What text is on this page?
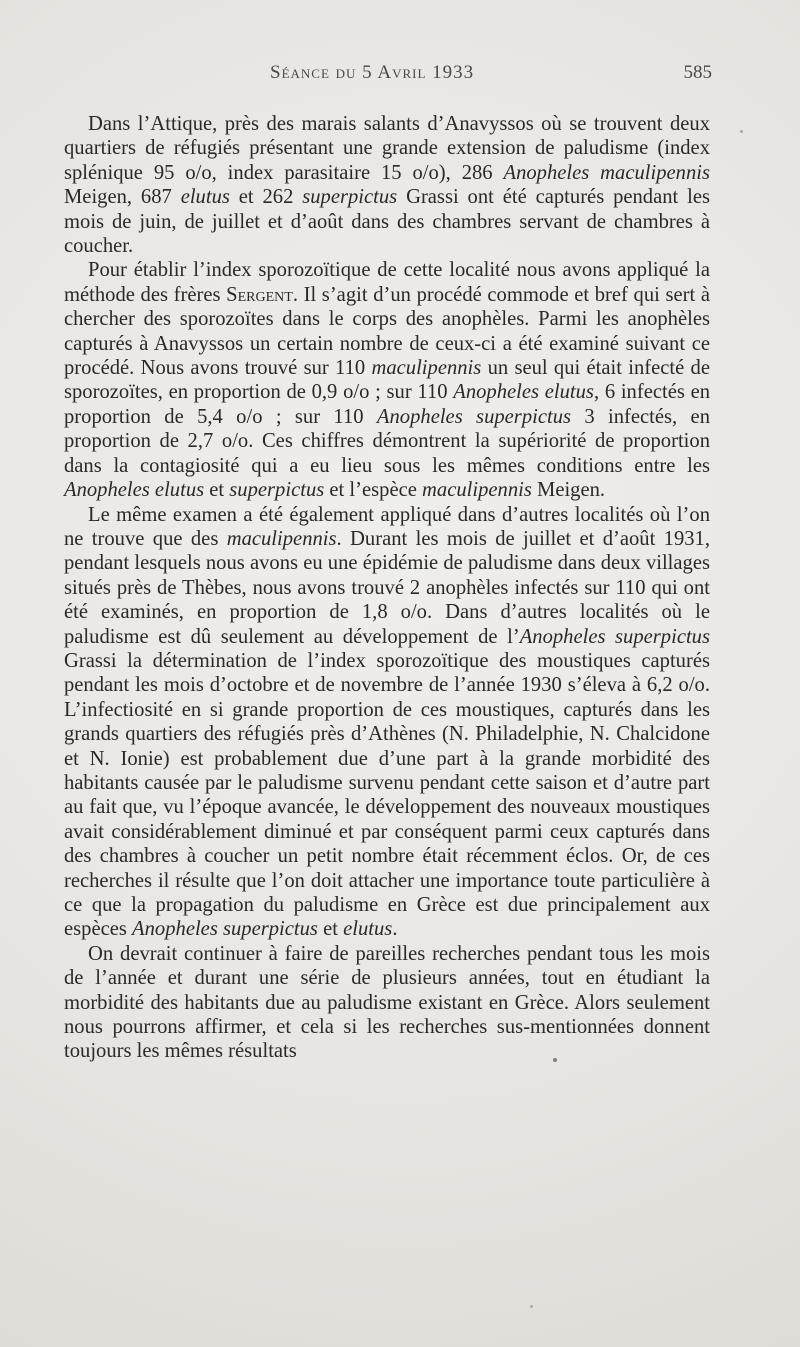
Séance du 5 Avril 1933	585

Dans l’Attique, près des marais salants d’Anavyssos où se trouvent deux quartiers de réfugiés présentant une grande extension de paludisme (index splénique 95 o/o, index parasitaire 15 o/o), 286 Anopheles maculipennis Meigen, 687 elutus et 262 superpictus Grassi ont été capturés pendant les mois de juin, de juillet et d’août dans des chambres servant de chambres à coucher.

Pour établir l’index sporozoïtique de cette localité nous avons appliqué la méthode des frères Sergent. Il s’agit d’un procédé commode et bref qui sert à chercher des sporozoïtes dans le corps des anophèles. Parmi les anophèles capturés à Anavyssos un certain nombre de ceux-ci a été examiné suivant ce procédé. Nous avons trouvé sur 110 maculipennis un seul qui était infecté de sporozoïtes, en proportion de 0,9 o/o ; sur 110 Anopheles elutus, 6 infectés en proportion de 5,4 o/o ; sur 110 Anopheles superpictus 3 infectés, en proportion de 2,7 o/o. Ces chiffres démontrent la supériorité de proportion dans la contagiosité qui a eu lieu sous les mêmes conditions entre les Anopheles elutus et superpictus et l’espèce maculipennis Meigen.

Le même examen a été également appliqué dans d’autres localités où l’on ne trouve que des maculipennis. Durant les mois de juillet et d’août 1931, pendant lesquels nous avons eu une épidémie de paludisme dans deux villages situés près de Thèbes, nous avons trouvé 2 anophèles infectés sur 110 qui ont été examinés, en proportion de 1,8 o/o. Dans d’autres localités où le paludisme est dû seulement au développement de l’Anopheles superpictus Grassi la détermination de l’index sporozoïtique des moustiques capturés pendant les mois d’octobre et de novembre de l’année 1930 s’éleva à 6,2 o/o. L’infectiosité en si grande proportion de ces moustiques, capturés dans les grands quartiers des réfugiés près d’Athènes (N. Philadelphie, N. Chalcidone et N. Ionie) est probablement due d’une part à la grande morbidité des habitants causée par le paludisme survenu pendant cette saison et d’autre part au fait que, vu l’époque avancée, le développement des nouveaux moustiques avait considérablement diminué et par conséquent parmi ceux capturés dans des chambres à coucher un petit nombre était récemment éclos. Or, de ces recherches il résulte que l’on doit attacher une importance toute particulière à ce que la propagation du paludisme en Grèce est due principalement aux espèces Anopheles superpictus et elutus.

On devrait continuer à faire de pareilles recherches pendant tous les mois de l’année et durant une série de plusieurs années, tout en étudiant la morbidité des habitants due au paludisme existant en Grèce. Alors seulement nous pourrons affirmer, et cela si les recherches sus-mentionnées donnent toujours les mêmes résultats
